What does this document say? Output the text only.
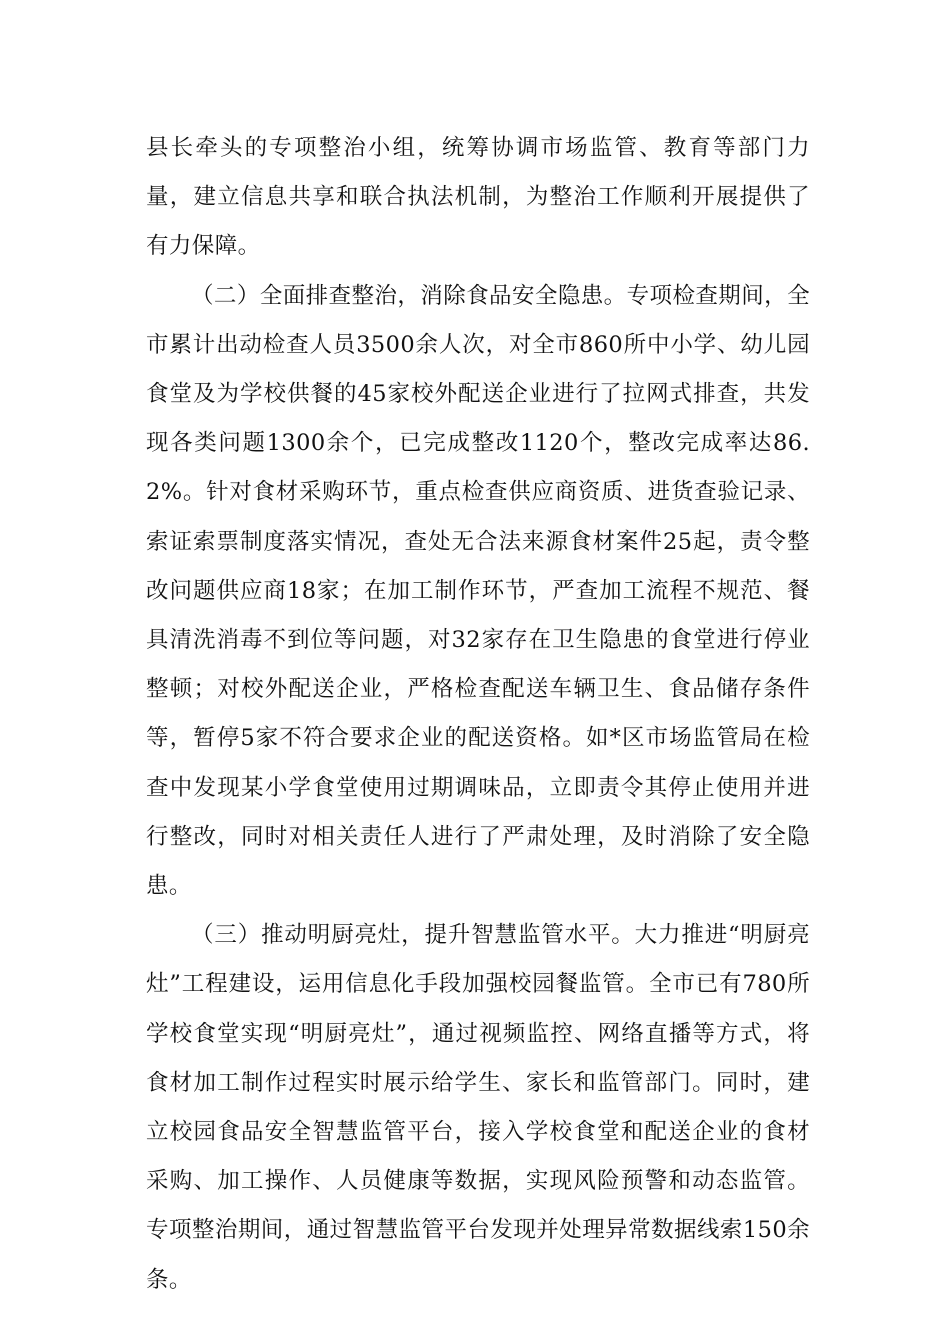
县长牵头的专项整治小组，统筹协调市场监管、教育等部门力量，建立信息共享和联合执法机制，为整治工作顺利开展提供了有力保障。

（二）全面排查整治，消除食品安全隐患。专项检查期间，全市累计出动检查人员3500余人次，对全市860所中小学、幼儿园食堂及为学校供餐的45家校外配送企业进行了拉网式排查，共发现各类问题1300余个，已完成整改1120个，整改完成率达86.2%。针对食材采购环节，重点检查供应商资质、进货查验记录、索证索票制度落实情况，查处无合法来源食材案件25起，责令整改问题供应商18家；在加工制作环节，严查加工流程不规范、餐具清洗消毒不到位等问题，对32家存在卫生隐患的食堂进行停业整顿；对校外配送企业，严格检查配送车辆卫生、食品储存条件等，暂停5家不符合要求企业的配送资格。如*区市场监管局在检查中发现某小学食堂使用过期调味品，立即责令其停止使用并进行整改，同时对相关责任人进行了严肃处理，及时消除了安全隐患。

（三）推动明厨亮灶，提升智慧监管水平。大力推进“明厨亮灶”工程建设，运用信息化手段加强校园餐监管。全市已有780所学校食堂实现“明厨亮灶”，通过视频监控、网络直播等方式，将食材加工制作过程实时展示给学生、家长和监管部门。同时，建立校园食品安全智慧监管平台，接入学校食堂和配送企业的食材采购、加工操作、人员健康等数据，实现风险预警和动态监管。专项整治期间，通过智慧监管平台发现并处理异常数据线索150余条。
